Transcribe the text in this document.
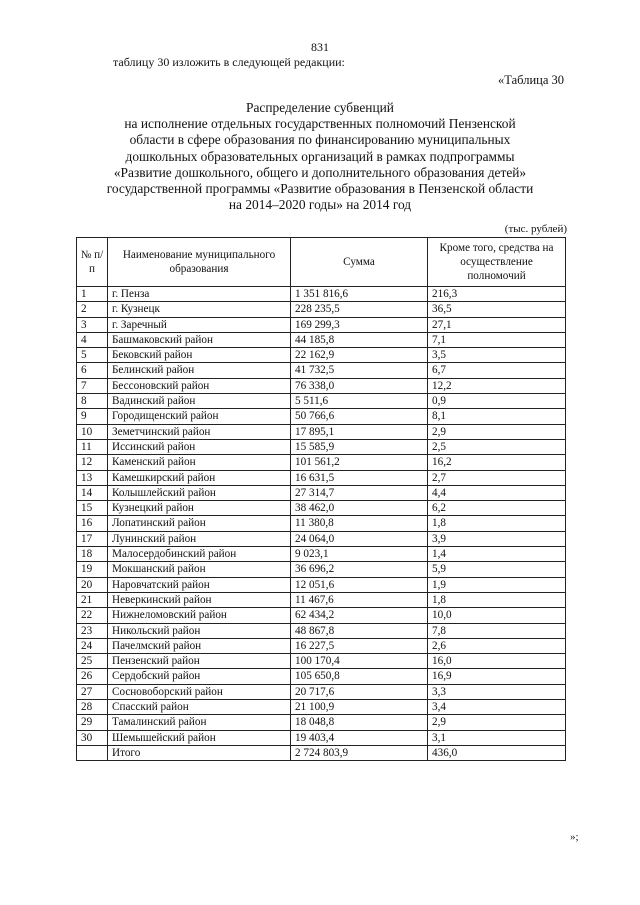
831
таблицу 30 изложить в следующей редакции:
«Таблица 30
Распределение субвенций
на исполнение отдельных государственных полномочий Пензенской
области в сфере образования по финансированию муниципальных
дошкольных образовательных организаций в рамках подпрограммы
«Развитие дошкольного, общего и дополнительного образования детей»
государственной программы «Развитие образования в Пензенской области
на 2014–2020 годы» на 2014 год
(тыс. рублей)
№ п/п	Наименование муниципального образования	Сумма	Кроме того, средства на осуществление полномочий
1	г. Пенза	1 351 816,6	216,3
2	г. Кузнецк	228 235,5	36,5
3	г. Заречный	169 299,3	27,1
4	Башмаковский район	44 185,8	7,1
5	Бековский район	22 162,9	3,5
6	Белинский район	41 732,5	6,7
7	Бессоновский район	76 338,0	12,2
8	Вадинский район	5 511,6	0,9
9	Городищенский район	50 766,6	8,1
10	Земетчинский район	17 895,1	2,9
11	Иссинский район	15 585,9	2,5
12	Каменский район	101 561,2	16,2
13	Камешкирский район	16 631,5	2,7
14	Колышлейский район	27 314,7	4,4
15	Кузнецкий район	38 462,0	6,2
16	Лопатинский район	11 380,8	1,8
17	Лунинский район	24 064,0	3,9
18	Малосердобинский район	9 023,1	1,4
19	Мокшанский район	36 696,2	5,9
20	Наровчатский район	12 051,6	1,9
21	Неверкинский район	11 467,6	1,8
22	Нижнеломовский район	62 434,2	10,0
23	Никольский район	48 867,8	7,8
24	Пачелмский район	16 227,5	2,6
25	Пензенский район	100 170,4	16,0
26	Сердобский район	105 650,8	16,9
27	Сосновоборский район	20 717,6	3,3
28	Спасский район	21 100,9	3,4
29	Тамалинский район	18 048,8	2,9
30	Шемышейский район	19 403,4	3,1
	Итого	2 724 803,9	436,0
»;
